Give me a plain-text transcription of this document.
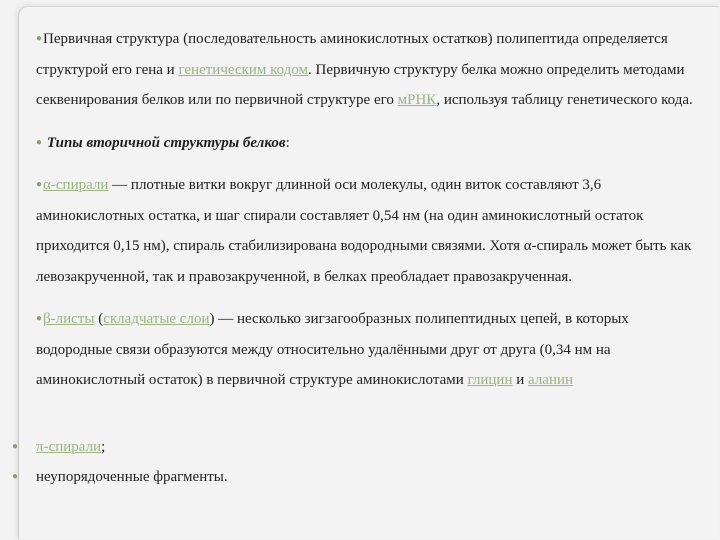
●Первичная структура (последовательность аминокислотных остатков) полипептида определяется структурой его гена и генетическим кодом. Первичную структуру белка можно определить методами секвенирования белков или по первичной структуре его мРНК, используя таблицу генетического кода.

● Типы вторичной структуры белков:

●α-спирали — плотные витки вокруг длинной оси молекулы, один виток составляют 3,6 аминокислотных остатка, и шаг спирали составляет 0,54 нм (на один аминокислотный остаток приходится 0,15 нм), спираль стабилизирована водородными связями. Хотя α-спираль может быть как левозакрученной, так и правозакрученной, в белках преобладает правозакрученная.

●β-листы (складчатые слои) — несколько зигзагообразных полипептидных цепей, в которых водородные связи образуются между относительно удалёнными друг от друга (0,34 нм на аминокислотный остаток) в первичной структуре аминокислотами глицин и аланин

● π-спирали;
● неупорядоченные фрагменты.
